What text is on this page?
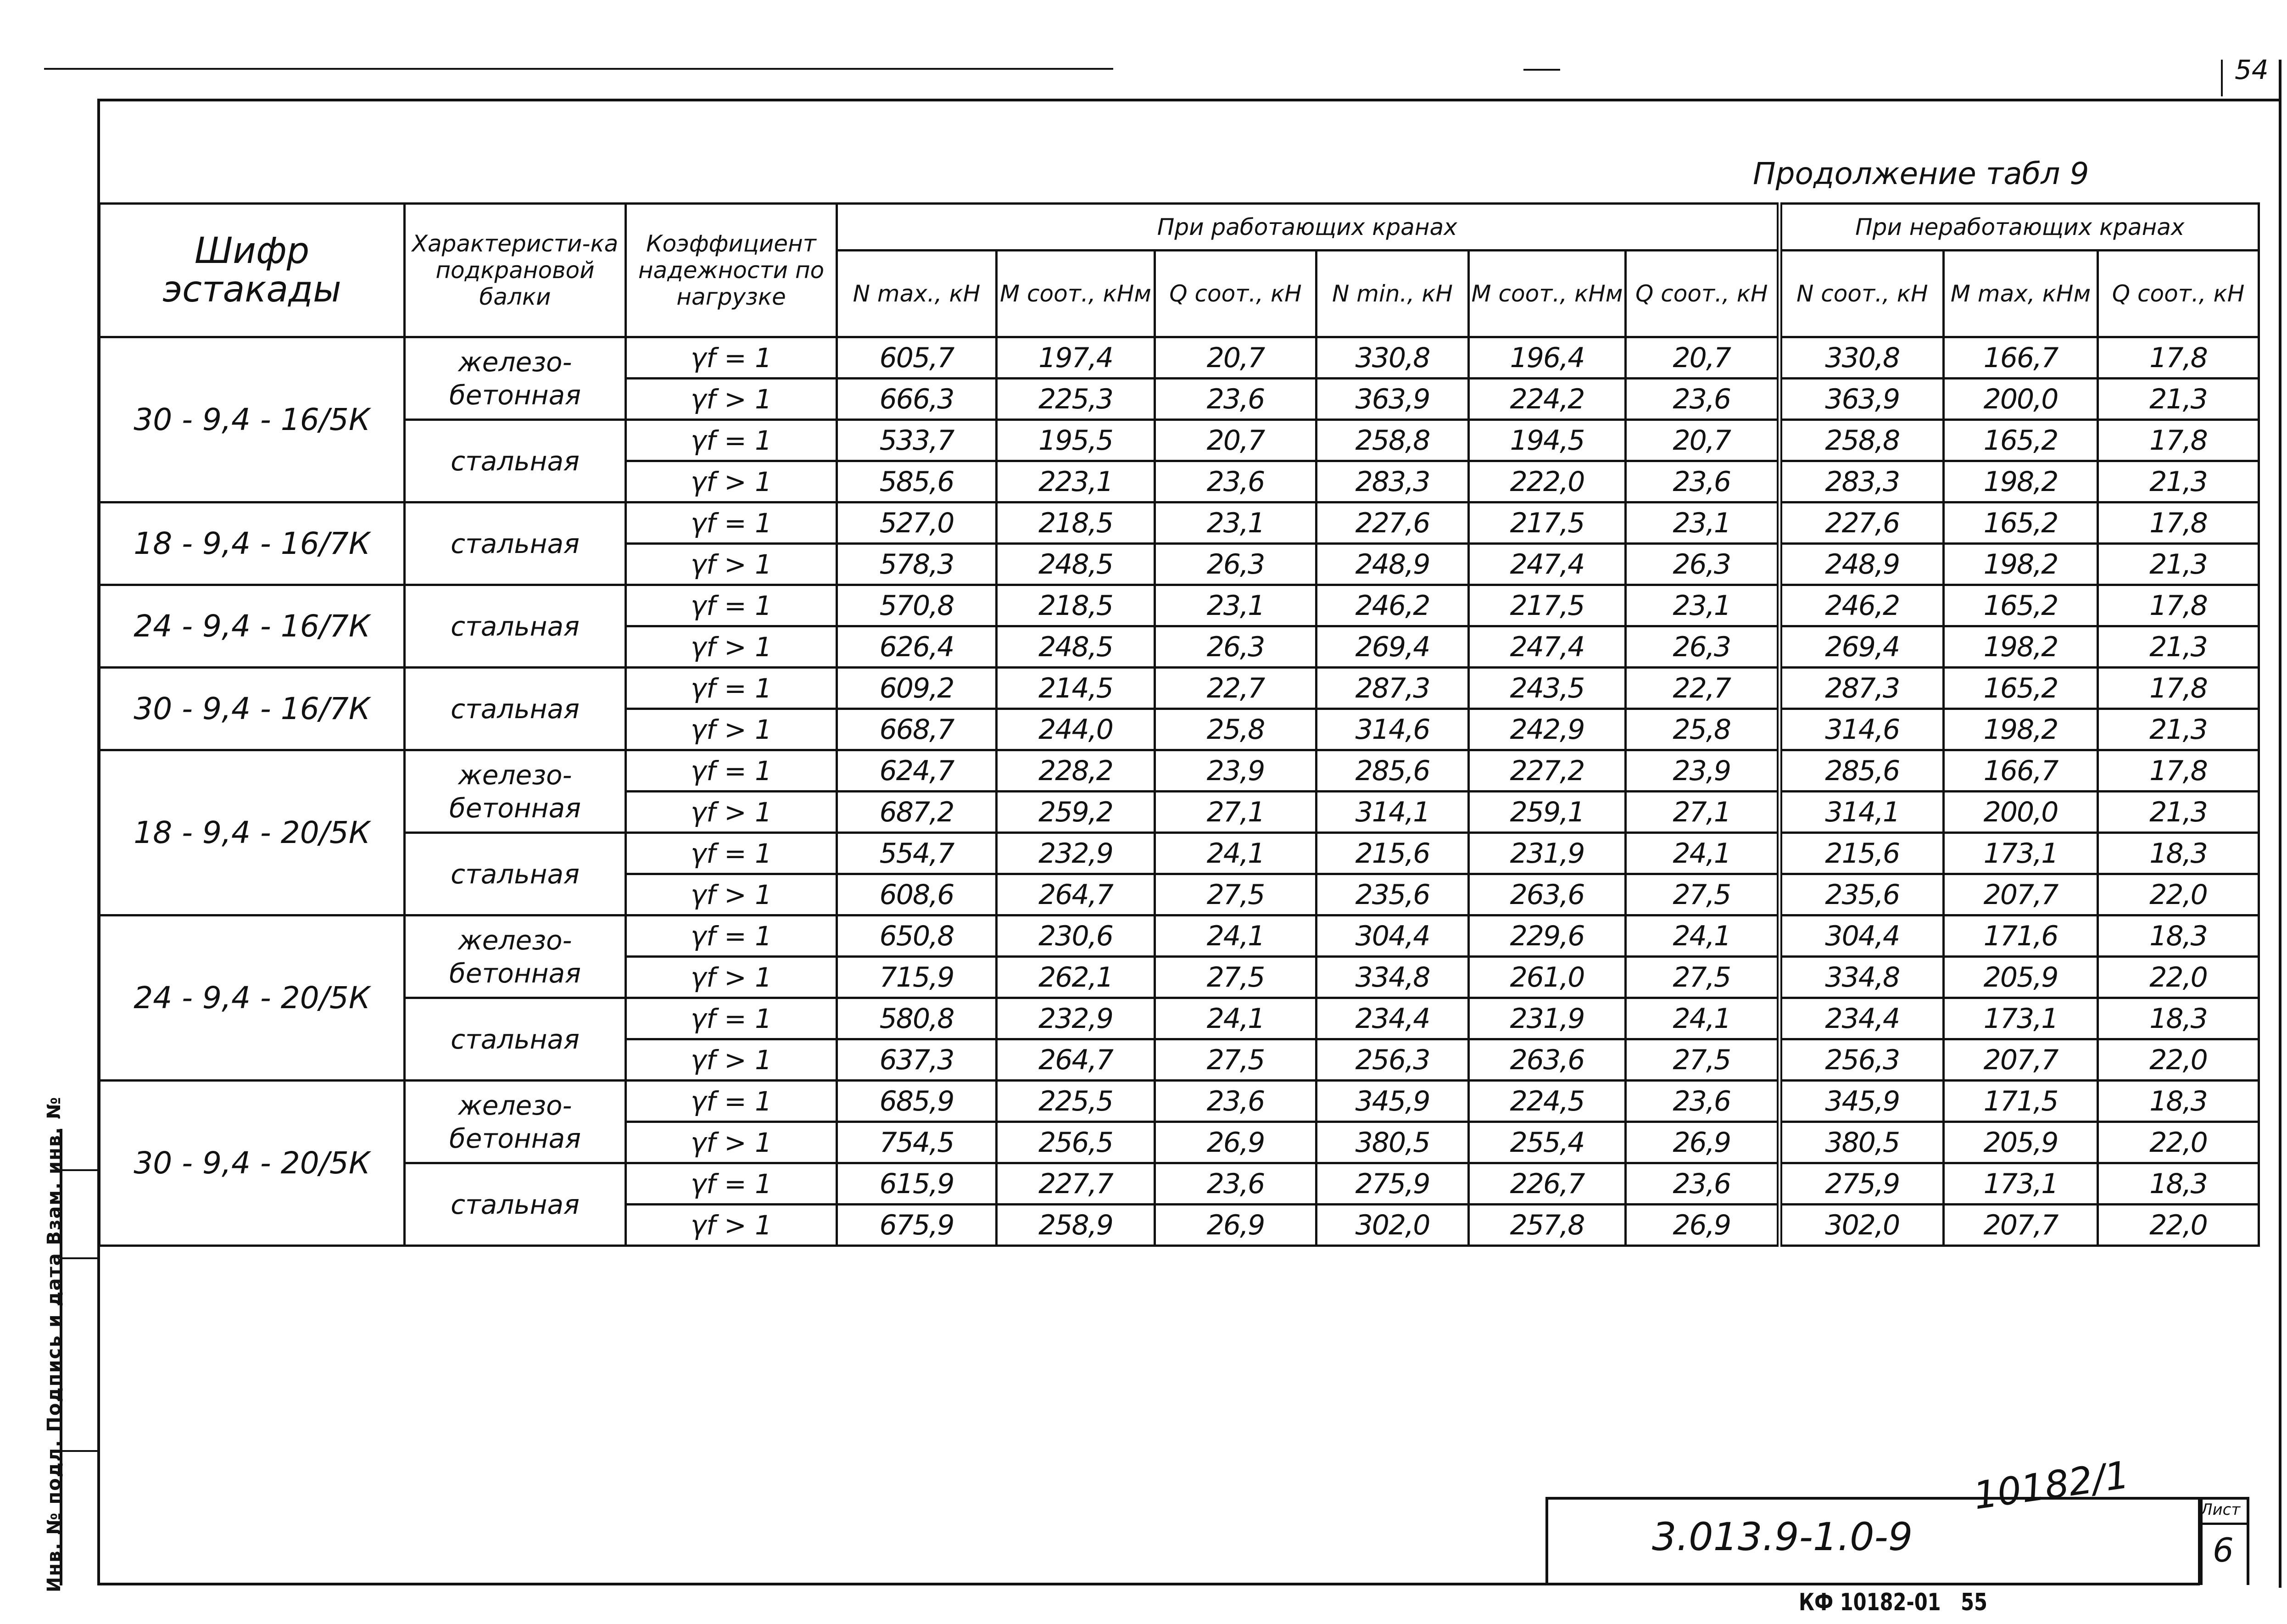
54
Продолжение табл 9
Шифр эстакады	Характеристи-ка подкрановой балки	Коэффициент надежности по нагрузке	При работающих кранах						При неработающих кранах		
			N max., кН	M соот., кНм	Q соот., кН	N min., кН	M соот., кНм	Q соот., кН	N соот., кН	M max, кНм	Q соот., кН
30 - 9,4 - 16/5К	железо-бетонная	γf = 1	605,7	197,4	20,7	330,8	196,4	20,7	330,8	166,7	17,8
		γf > 1	666,3	225,3	23,6	363,9	224,2	23,6	363,9	200,0	21,3
	стальная	γf = 1	533,7	195,5	20,7	258,8	194,5	20,7	258,8	165,2	17,8
		γf > 1	585,6	223,1	23,6	283,3	222,0	23,6	283,3	198,2	21,3
18 - 9,4 - 16/7К	стальная	γf = 1	527,0	218,5	23,1	227,6	217,5	23,1	227,6	165,2	17,8
		γf > 1	578,3	248,5	26,3	248,9	247,4	26,3	248,9	198,2	21,3
24 - 9,4 - 16/7К	стальная	γf = 1	570,8	218,5	23,1	246,2	217,5	23,1	246,2	165,2	17,8
		γf > 1	626,4	248,5	26,3	269,4	247,4	26,3	269,4	198,2	21,3
30 - 9,4 - 16/7К	стальная	γf = 1	609,2	214,5	22,7	287,3	243,5	22,7	287,3	165,2	17,8
		γf > 1	668,7	244,0	25,8	314,6	242,9	25,8	314,6	198,2	21,3
18 - 9,4 - 20/5К	железо-бетонная	γf = 1	624,7	228,2	23,9	285,6	227,2	23,9	285,6	166,7	17,8
		γf > 1	687,2	259,2	27,1	314,1	259,1	27,1	314,1	200,0	21,3
	стальная	γf = 1	554,7	232,9	24,1	215,6	231,9	24,1	215,6	173,1	18,3
		γf > 1	608,6	264,7	27,5	235,6	263,6	27,5	235,6	207,7	22,0
24 - 9,4 - 20/5К	железо-бетонная	γf = 1	650,8	230,6	24,1	304,4	229,6	24,1	304,4	171,6	18,3
		γf > 1	715,9	262,1	27,5	334,8	261,0	27,5	334,8	205,9	22,0
	стальная	γf = 1	580,8	232,9	24,1	234,4	231,9	24,1	234,4	173,1	18,3
		γf > 1	637,3	264,7	27,5	256,3	263,6	27,5	256,3	207,7	22,0
30 - 9,4 - 20/5К	железо-бетонная	γf = 1	685,9	225,5	23,6	345,9	224,5	23,6	345,9	171,5	18,3
		γf > 1	754,5	256,5	26,9	380,5	255,4	26,9	380,5	205,9	22,0
	стальная	γf = 1	615,9	227,7	23,6	275,9	226,7	23,6	275,9	173,1	18,3
		γf > 1	675,9	258,9	26,9	302,0	257,8	26,9	302,0	207,7	22,0
Инв. № подл. Подпись и дата Взам. инв. №	10182/1	Лист
6
3.013.9-1.0-9
КФ 10182-01   55
